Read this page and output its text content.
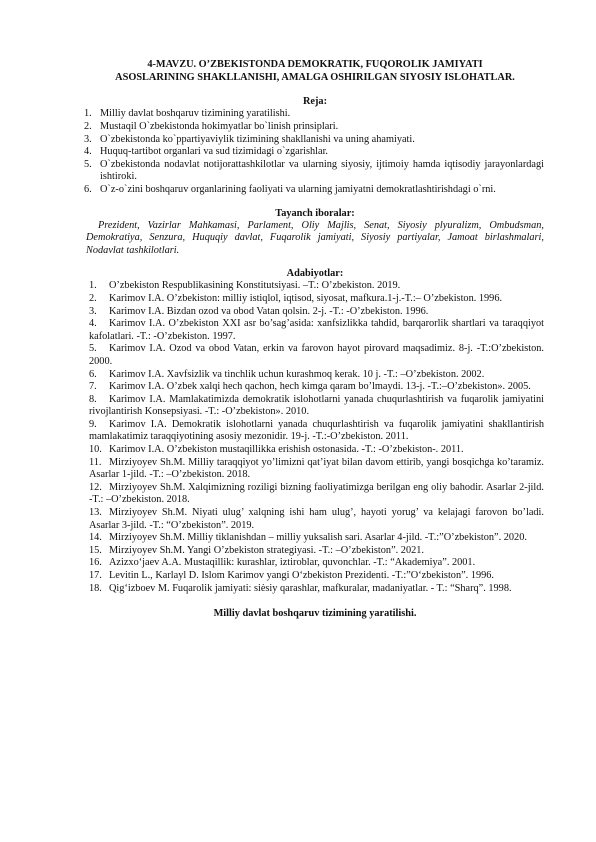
4-MAVZU. O’ZBEKISTONDA DEMOKRATIK, FUQOROLIK JAMIYATI
ASOSLARINING SHAKLLANISHI, AMALGA OSHIRILGAN SIYOSIY ISLOHATLAR.

Reja:

1. Milliy davlat boshqaruv tizimining yaratilishi.
2. Mustaqil O`zbekistonda hokimyatlar bo`linish prinsiplari.
3. O`zbekistonda ko`ppartiyaviylik tizimining shakllanishi va uning ahamiyati.
4. Huquq-tartibot organlari va sud tizimidagi o`zgarishlar.
5. O`zbekistonda nodavlat notijorattashkilotlar va ularning siyosiy, ijtimoiy hamda iqtisodiy jarayonlardagi ishtiroki.
6. O`z-o`zini boshqaruv organlarining faoliyati va ularning jamiyatni demokratlashtirishdagi o`rni.

Tayanch iboralar:

Prezident, Vazirlar Mahkamasi, Parlament, Oliy Majlis, Senat, Siyosiy plyuralizm, Ombudsman, Demokratiya, Senzura, Huquqiy davlat, Fuqarolik jamiyati, Siyosiy partiyalar, Jamoat birlashmalari, Nodavlat tashkilotlari.

Adabiyotlar:

1. O’zbekiston Respublikasining Konstitutsiyasi. –T.: O’zbekiston. 2019.
2. Karimov I.A. O’zbekiston: milliy istiqlol, iqtisod, siyosat, mafkura.1-j.-T.:– O’zbekiston. 1996.
3. Karimov I.A. Bizdan ozod va obod Vatan qolsin. 2-j. -T.: -O’zbekiston. 1996.
4. Karimov I.A. O’zbekiston XXI asr bo’sag’asida: xanfsizlikka tahdid, barqarorlik shartlari va taraqqiyot kafolatlari. -T.: -O’zbekiston. 1997.
5. Karimov I.A. Ozod va obod Vatan, erkin va farovon hayot pirovard maqsadimiz. 8-j. -T.:O’zbekiston. 2000.
6. Karimov I.A. Xavfsizlik va tinchlik uchun kurashmoq kerak. 10 j. -T.: –O’zbekiston. 2002.
7. Karimov I.A. O’zbek xalqi hech qachon, hech kimga qaram bo’lmaydi. 13-j. -T.:–O’zbekiston». 2005.
8. Karimov I.A. Mamlakatimizda demokratik islohotlarni yanada chuqurlashtirish va fuqarolik jamiyatini rivojlantirish Konsepsiyasi. -T.: -O’zbekiston». 2010.
9. Karimov I.A. Demokratik islohotlarni yanada chuqurlashtirish va fuqarolik jamiyatini shakllantirish mamlakatimiz taraqqiyotining asosiy mezonidir. 19-j. -T.:-O’zbekiston. 2011.
10. Karimov I.A. O’zbekiston mustaqillikka erishish ostonasida. -T.: -O’zbekiston-. 2011.
11. Mirziyoyev Sh.M. Milliy taraqqiyot yo’limizni qat’iyat bilan davom ettirib, yangi bosqichga ko’taramiz. Asarlar 1-jild. -T.: –O’zbekiston. 2018.
12. Mirziyoyev Sh.M. Xalqimizning roziligi bizning faoliyatimizga berilgan eng oliy bahodir. Asarlar 2-jild. -T.: –O’zbekiston. 2018.
13. Mirziyoyev Sh.M. Niyati ulug’ xalqning ishi ham ulug’, hayoti yorug’ va kelajagi farovon bo’ladi. Asarlar 3-jild. -T.: “O’zbekiston”. 2019.
14. Mirziyoyev Sh.M. Milliy tiklanishdan – milliy yuksalish sari. Asarlar 4-jild. -T.:”O’zbekiston”. 2020.
15. Mirziyoyev Sh.M. Yangi O’zbekiston strategiyasi. -T.: –O’zbekiston”. 2021.
16. Azizxo‘jaev A.A. Mustaqillik: kurashlar, iztiroblar, quvonchlar. -T.: “Akademiya”. 2001.
17. Levitin L., Karlayl D. Islom Karimov yangi O‘zbekiston Prezidenti. -T.:”O‘zbekiston”. 1996.
18. Qig‘izboev M. Fuqarolik jamiyati: siėsiy qarashlar, mafkuralar, madaniyatlar. - T.: “Sharq”. 1998.

Milliy davlat boshqaruv tizimining yaratilishi.
